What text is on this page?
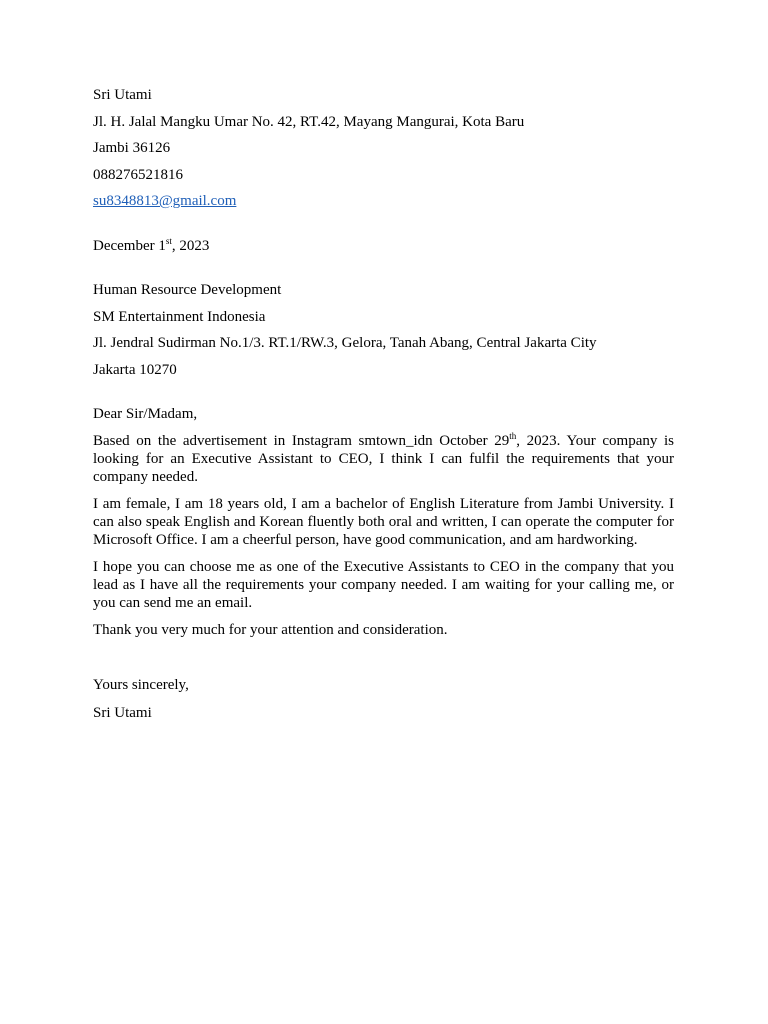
Sri Utami
Jl. H. Jalal Mangku Umar No. 42, RT.42, Mayang Mangurai, Kota Baru
Jambi 36126
088276521816
su8348813@gmail.com
December 1st, 2023
Human Resource Development
SM Entertainment Indonesia
Jl. Jendral Sudirman No.1/3. RT.1/RW.3, Gelora, Tanah Abang, Central Jakarta City
Jakarta 10270
Dear Sir/Madam,

Based on the advertisement in Instagram smtown_idn October 29th, 2023. Your company is looking for an Executive Assistant to CEO, I think I can fulfil the requirements that your company needed.

I am female, I am 18 years old, I am a bachelor of English Literature from Jambi University. I can also speak English and Korean fluently both oral and written, I can operate the computer for Microsoft Office. I am a cheerful person, have good communication, and am hardworking.

I hope you can choose me as one of the Executive Assistants to CEO in the company that you lead as I have all the requirements your company needed. I am waiting for your calling me, or you can send me an email.

Thank you very much for your attention and consideration.

Yours sincerely,
Sri Utami
